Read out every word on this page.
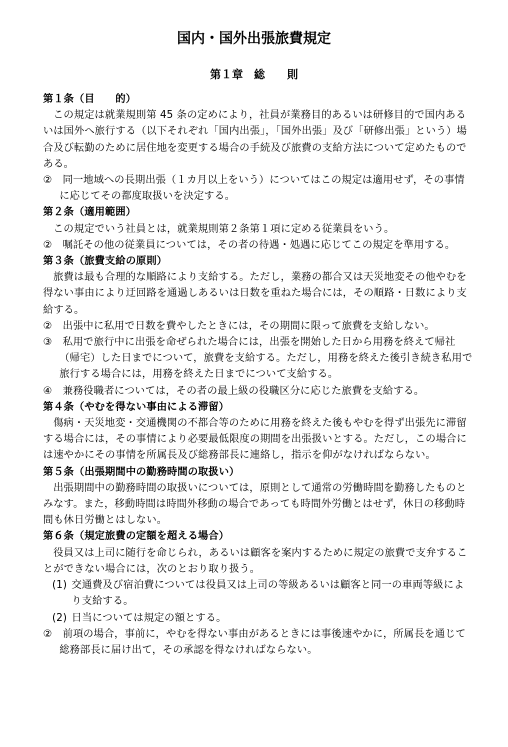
国内・国外出張旅費規定
第１章　総　　則
第１条（目　　的）
この規定は就業規則第 45 条の定めにより，社員が業務目的あるいは研修目的で国内あるいは国外へ旅行する（以下それぞれ「国内出張」，「国外出張」及び「研修出張」という）場合及び転勤のために居住地を変更する場合の手続及び旅費の支給方法について定めたものである。
②　同一地域への長期出張（１カ月以上をいう）についてはこの規定は適用せず，その事情に応じてその都度取扱いを決定する。
第２条（適用範囲）
この規定でいう社員とは，就業規則第２条第１項に定める従業員をいう。
②　嘱託その他の従業員については，その者の待遇・処遇に応じてこの規定を準用する。
第３条（旅費支給の原則）
旅費は最も合理的な順路により支給する。ただし，業務の都合又は天災地変その他やむを得ない事由により迂回路を通過しあるいは日数を重ねた場合には，その順路・日数により支給する。
②　出張中に私用で日数を費やしたときには，その期間に限って旅費を支給しない。
③　私用で旅行中に出張を命ぜられた場合には，出張を開始した日から用務を終えて帰社（帰宅）した日までについて，旅費を支給する。ただし，用務を終えた後引き続き私用で旅行する場合には，用務を終えた日までについて支給する。
④　兼務役職者については，その者の最上級の役職区分に応じた旅費を支給する。
第４条（やむを得ない事由による滞留）
傷病・天災地変・交通機関の不都合等のために用務を終えた後もやむを得ず出張先に滞留する場合には，その事情により必要最低限度の期間を出張扱いとする。ただし，この場合には速やかにその事情を所属長及び総務部長に連絡し，指示を仰がなければならない。
第５条（出張期間中の勤務時間の取扱い）
出張期間中の勤務時間の取扱いについては，原則として通常の労働時間を勤務したものとみなす。また，移動時間は時間外移動の場合であっても時間外労働とはせず，休日の移動時間も休日労働とはしない。
第６条（規定旅費の定額を超える場合）
役員又は上司に随行を命じられ，あるいは顧客を案内するために規定の旅費で支弁することができない場合には，次のとおり取り扱う。
(1) 交通費及び宿泊費については役員又は上司の等級あるいは顧客と同一の車両等級により支給する。
(2) 日当については規定の額とする。
②　前項の場合，事前に，やむを得ない事由があるときには事後速やかに，所属長を通じて総務部長に届け出て，その承認を得なければならない。
